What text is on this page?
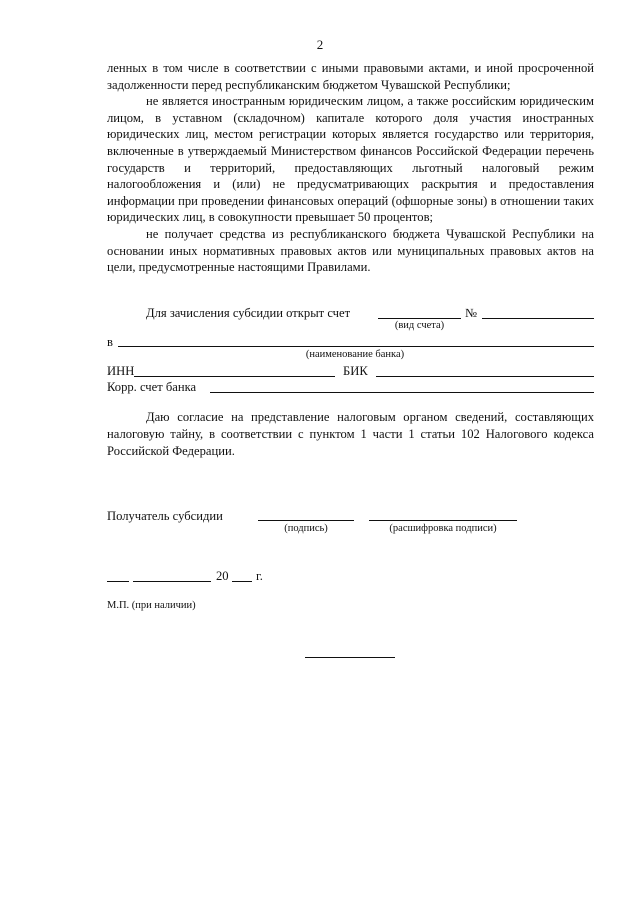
2

ленных в том числе в соответствии с иными правовыми актами, и иной просроченной задолженности перед республиканским бюджетом Чувашской Республики;

не является иностранным юридическим лицом, а также российским юридическим лицом, в уставном (складочном) капитале которого доля участия иностранных юридических лиц, местом регистрации которых является государство или территория, включенные в утверждаемый Министерством финансов Российской Федерации перечень государств и территорий, предоставляющих льготный налоговый режим налогообложения и (или) не предусматривающих раскрытия и предоставления информации при проведении финансовых операций (офшорные зоны) в отношении таких юридических лиц, в совокупности превышает 50 процентов;

не получает средства из республиканского бюджета Чувашской Республики на основании иных нормативных правовых актов или муниципальных правовых актов на цели, предусмотренные настоящими Правилами.

Для зачисления субсидии открыт счет	№
(вид счета)
в
(наименование банка)
ИНН	БИК
Корр. счет банка

Даю согласие на представление налоговым органом сведений, составляющих налоговую тайну, в соответствии с пунктом 1 части 1 статьи 102 Налогового кодекса Российской Федерации.

Получатель субсидии
(подпись)	(расшифровка подписи)
20 г.
М.П. (при наличии)
